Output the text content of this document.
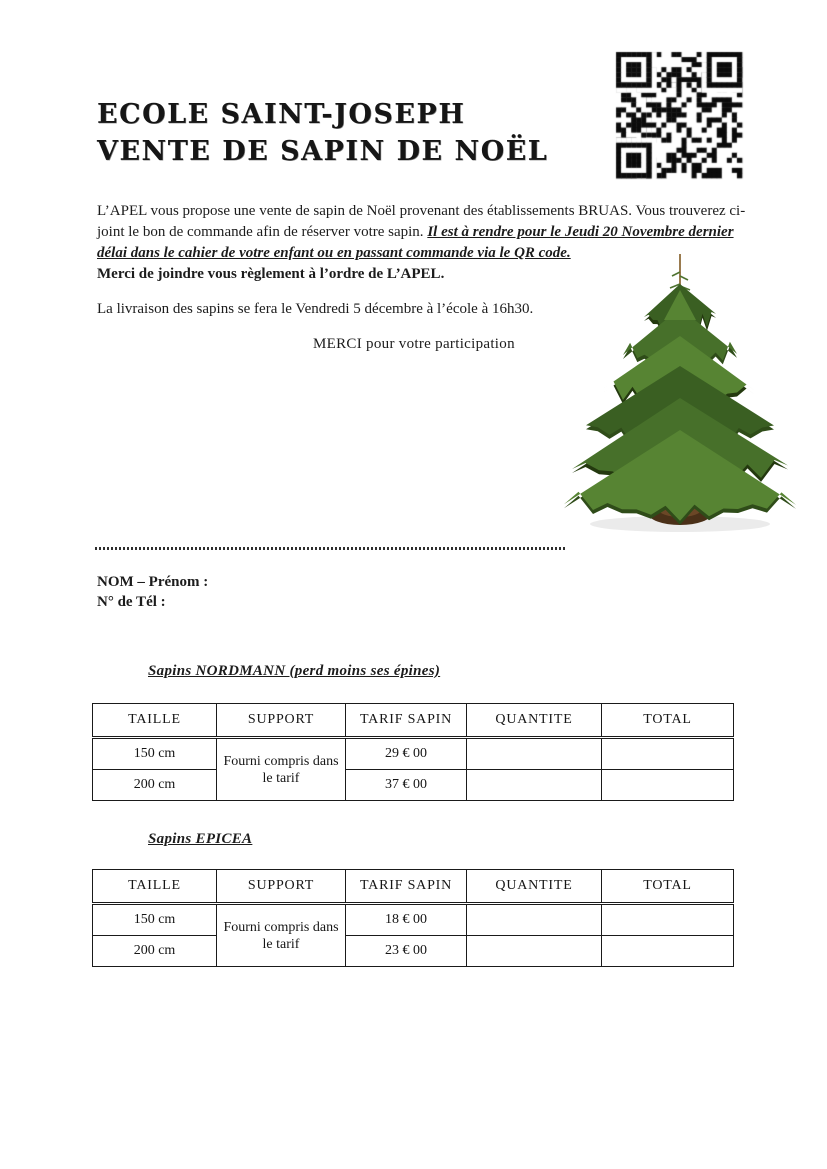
ECOLE SAINT-JOSEPH
VENTE DE SAPIN DE NOËL
L’APEL vous propose une vente de sapin de Noël provenant des établissements BRUAS. Vous trouverez ci-joint le bon de commande afin de réserver votre sapin. Il est à rendre pour le Jeudi 20 Novembre dernier délai dans le cahier de votre enfant ou en passant commande via le QR code.
Merci de joindre vous règlement à l’ordre de L’APEL.
La livraison des sapins se fera le Vendredi 5 décembre à l’école à 16h30.
MERCI pour votre participation
NOM – Prénom :
N° de Tél :
Sapins NORDMANN (perd moins ses épines)
TAILLE	SUPPORT	TARIF SAPIN	QUANTITE	TOTAL
150 cm	Fourni compris dans le tarif	29 € 00		
200 cm		37 € 00		
Sapins EPICEA
TAILLE	SUPPORT	TARIF SAPIN	QUANTITE	TOTAL
150 cm	Fourni compris dans le tarif	18 € 00		
200 cm		23 € 00		
